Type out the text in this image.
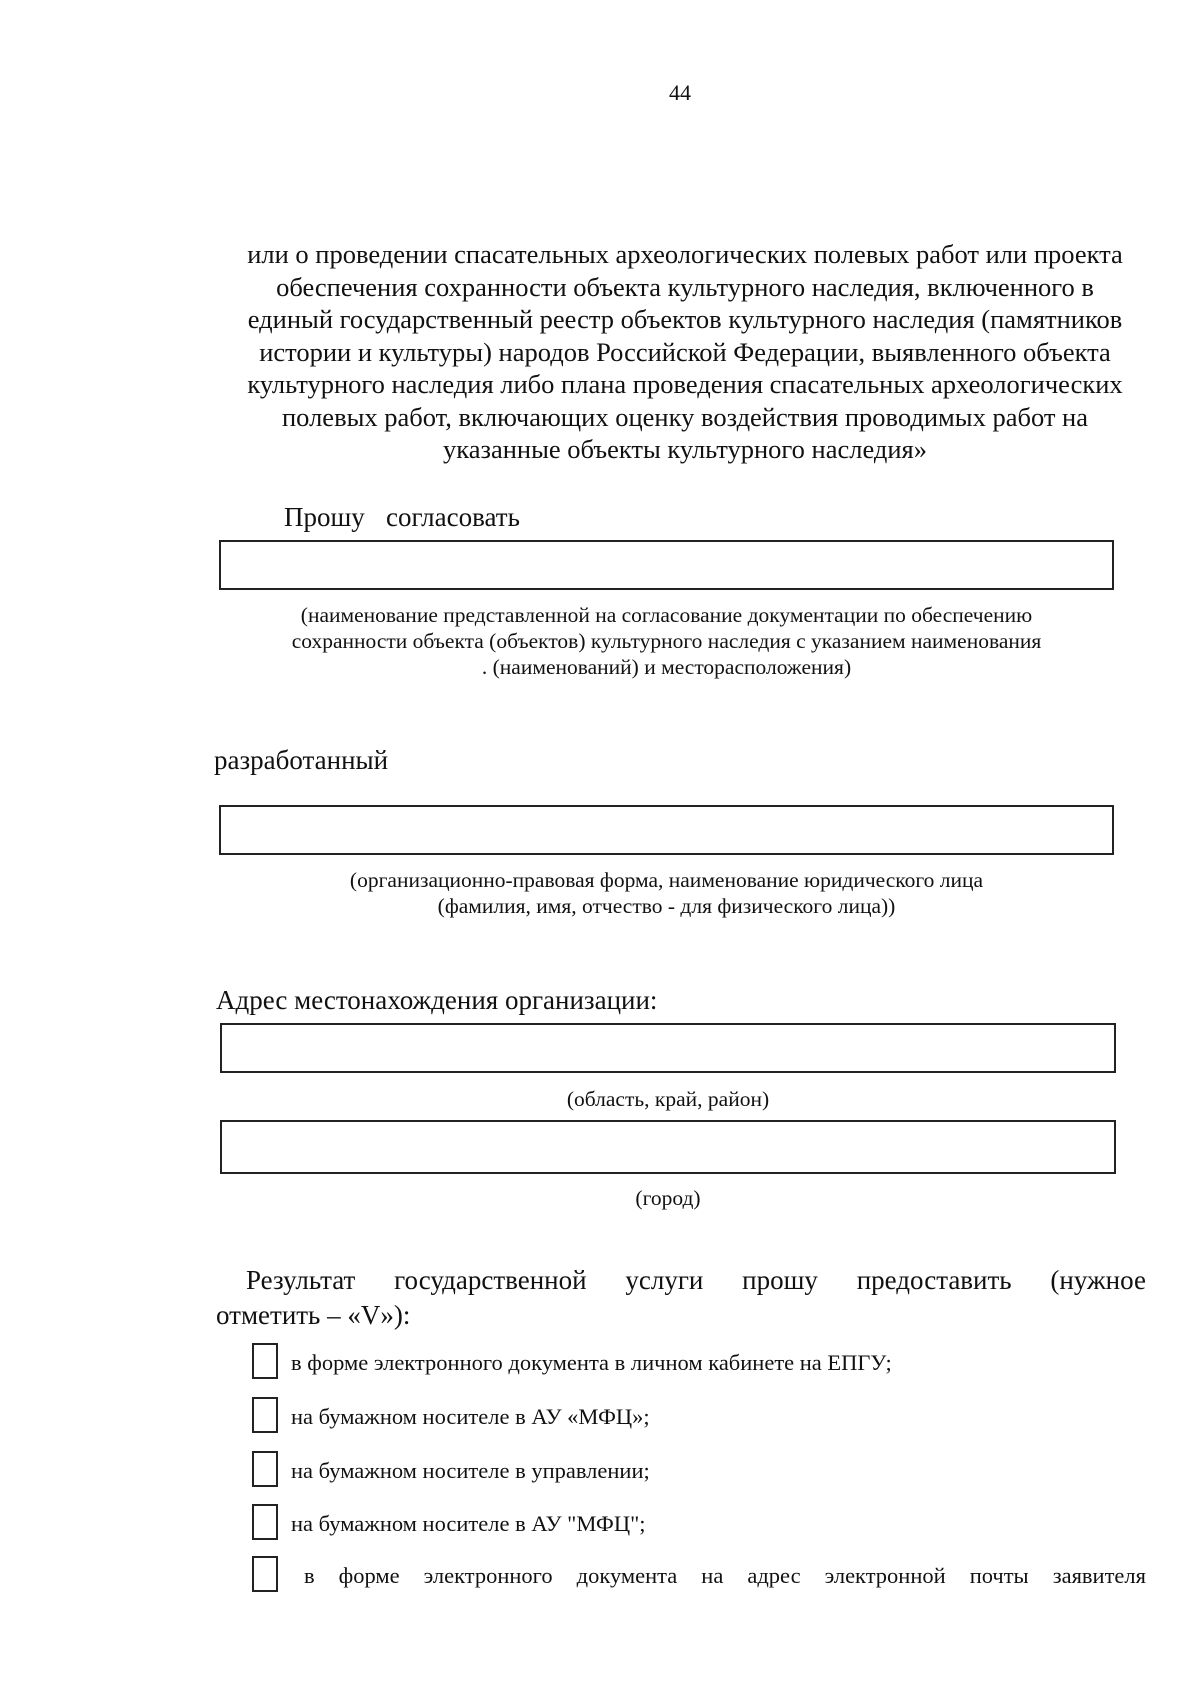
44
или о проведении спасательных археологических полевых работ или проекта
обеспечения сохранности объекта культурного наследия, включенного в
единый государственный реестр объектов культурного наследия (памятников
истории и культуры) народов Российской Федерации, выявленного объекта
культурного наследия либо плана проведения спасательных археологических
полевых работ, включающих оценку воздействия проводимых работ на
указанные объекты культурного наследия»
Прошу согласовать
(наименование представленной на согласование документации по обеспечению
сохранности объекта (объектов) культурного наследия с указанием наименования
. (наименований) и месторасположения)
разработанный
(организационно-правовая форма, наименование юридического лица
(фамилия, имя, отчество - для физического лица))
Адрес местонахождения организации:
(область, край, район)
(город)
Результат государственной услуги прошу предоставить (нужное
отметить – «V»):
в форме электронного документа в личном кабинете на ЕПГУ;
на бумажном носителе в АУ «МФЦ»;
на бумажном носителе в управлении;
на бумажном носителе в АУ "МФЦ";
в форме электронного документа на адрес электронной почты заявителя
